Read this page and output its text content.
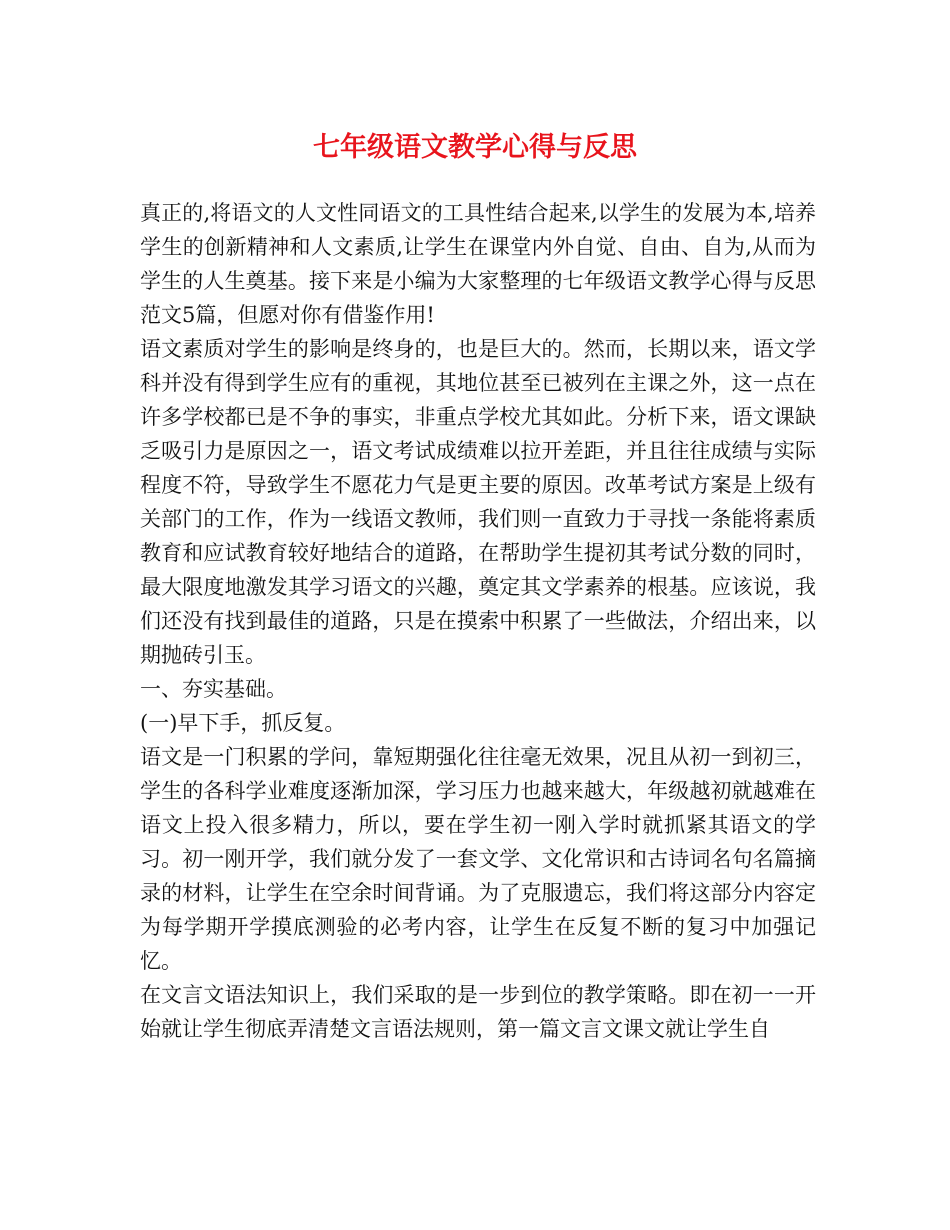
七年级语文教学心得与反思

真正的,将语文的人文性同语文的工具性结合起来,以学生的发展为本,培养学生的创新精神和人文素质,让学生在课堂内外自觉、自由、自为,从而为学生的人生奠基。接下来是小编为大家整理的七年级语文教学心得与反思范文5篇，但愿对你有借鉴作用!

语文素质对学生的影响是终身的，也是巨大的。然而，长期以来，语文学科并没有得到学生应有的重视，其地位甚至已被列在主课之外，这一点在许多学校都已是不争的事实，非重点学校尤其如此。分析下来，语文课缺乏吸引力是原因之一，语文考试成绩难以拉开差距，并且往往成绩与实际程度不符，导致学生不愿花力气是更主要的原因。改革考试方案是上级有关部门的工作，作为一线语文教师，我们则一直致力于寻找一条能将素质教育和应试教育较好地结合的道路，在帮助学生提初其考试分数的同时，最大限度地激发其学习语文的兴趣，奠定其文学素养的根基。应该说，我们还没有找到最佳的道路，只是在摸索中积累了一些做法，介绍出来，以期抛砖引玉。

一、夯实基础。

(一)早下手，抓反复。

语文是一门积累的学问，靠短期强化往往毫无效果，况且从初一到初三，学生的各科学业难度逐渐加深，学习压力也越来越大，年级越初就越难在语文上投入很多精力，所以，要在学生初一刚入学时就抓紧其语文的学习。初一刚开学，我们就分发了一套文学、文化常识和古诗词名句名篇摘录的材料，让学生在空余时间背诵。为了克服遗忘，我们将这部分内容定为每学期开学摸底测验的必考内容，让学生在反复不断的复习中加强记忆。

在文言文语法知识上，我们采取的是一步到位的教学策略。即在初一一开始就让学生彻底弄清楚文言语法规则，第一篇文言文课文就让学生自
